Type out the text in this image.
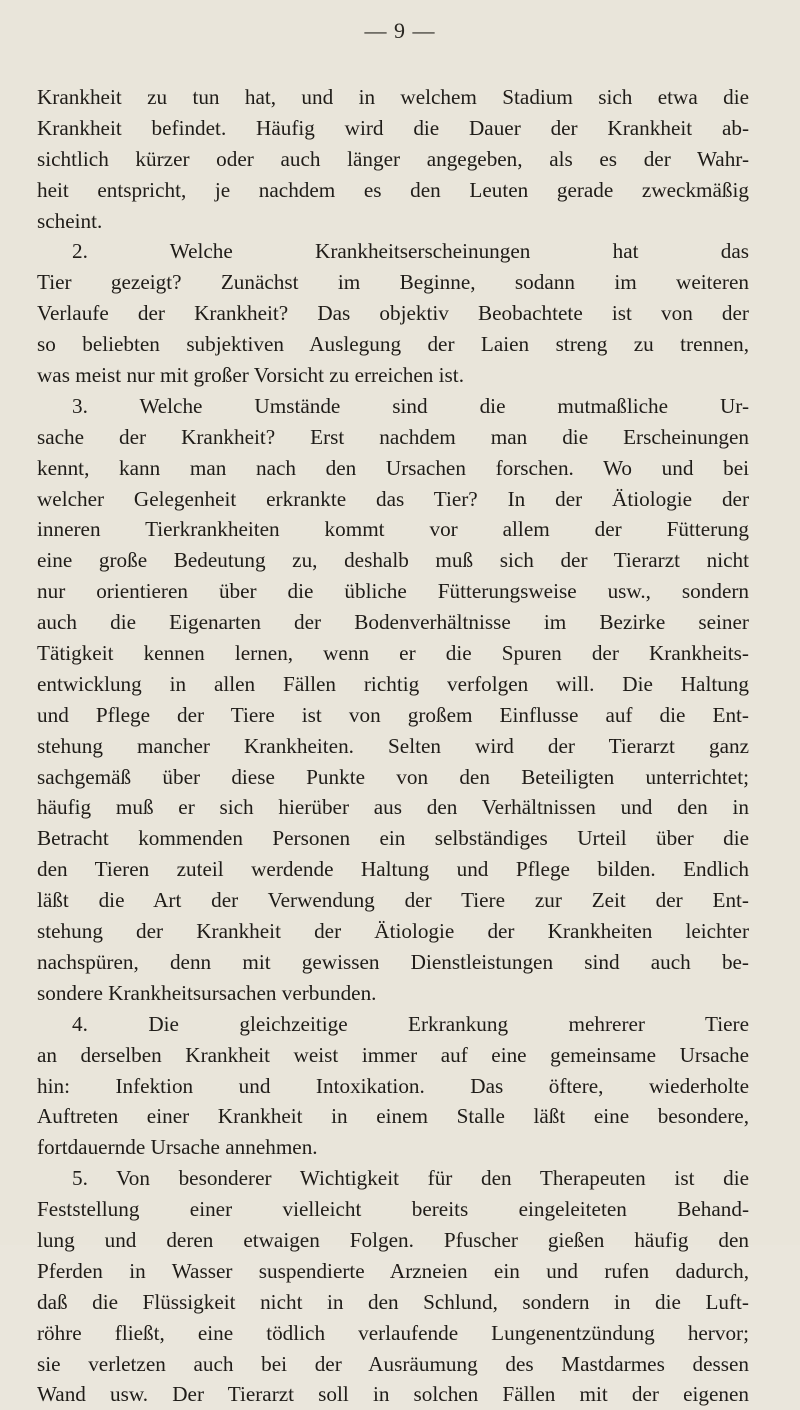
— 9 —
Krankheit zu tun hat, und in welchem Stadium sich etwa die
Krankheit befindet. Häufig wird die Dauer der Krankheit ab-
sichtlich kürzer oder auch länger angegeben, als es der Wahr-
heit entspricht, je nachdem es den Leuten gerade zweckmäßig
scheint.
2. Welche Krankheitserscheinungen hat das
Tier gezeigt? Zunächst im Beginne, sodann im weiteren
Verlaufe der Krankheit? Das objektiv Beobachtete ist von der
so beliebten subjektiven Auslegung der Laien streng zu trennen,
was meist nur mit großer Vorsicht zu erreichen ist.
3. Welche Umstände sind die mutmaßliche Ur-
sache der Krankheit? Erst nachdem man die Erscheinungen
kennt, kann man nach den Ursachen forschen. Wo und bei
welcher Gelegenheit erkrankte das Tier? In der Ätiologie der
inneren Tierkrankheiten kommt vor allem der Fütterung
eine große Bedeutung zu, deshalb muß sich der Tierarzt nicht
nur orientieren über die übliche Fütterungsweise usw., sondern
auch die Eigenarten der Bodenverhältnisse im Bezirke seiner
Tätigkeit kennen lernen, wenn er die Spuren der Krankheits-
entwicklung in allen Fällen richtig verfolgen will. Die Haltung
und Pflege der Tiere ist von großem Einflusse auf die Ent-
stehung mancher Krankheiten. Selten wird der Tierarzt ganz
sachgemäß über diese Punkte von den Beteiligten unterrichtet;
häufig muß er sich hierüber aus den Verhältnissen und den in
Betracht kommenden Personen ein selbständiges Urteil über die
den Tieren zuteil werdende Haltung und Pflege bilden. Endlich
läßt die Art der Verwendung der Tiere zur Zeit der Ent-
stehung der Krankheit der Ätiologie der Krankheiten leichter
nachspüren, denn mit gewissen Dienstleistungen sind auch be-
sondere Krankheitsursachen verbunden.
4. Die gleichzeitige Erkrankung mehrerer Tiere
an derselben Krankheit weist immer auf eine gemeinsame Ursache
hin: Infektion und Intoxikation. Das öftere, wiederholte
Auftreten einer Krankheit in einem Stalle läßt eine besondere,
fortdauernde Ursache annehmen.
5. Von besonderer Wichtigkeit für den Therapeuten ist die
Feststellung einer vielleicht bereits eingeleiteten Behand-
lung und deren etwaigen Folgen. Pfuscher gießen häufig den
Pferden in Wasser suspendierte Arzneien ein und rufen dadurch,
daß die Flüssigkeit nicht in den Schlund, sondern in die Luft-
röhre fließt, eine tödlich verlaufende Lungenentzündung hervor;
sie verletzen auch bei der Ausräumung des Mastdarmes dessen
Wand usw. Der Tierarzt soll in solchen Fällen mit der eigenen
